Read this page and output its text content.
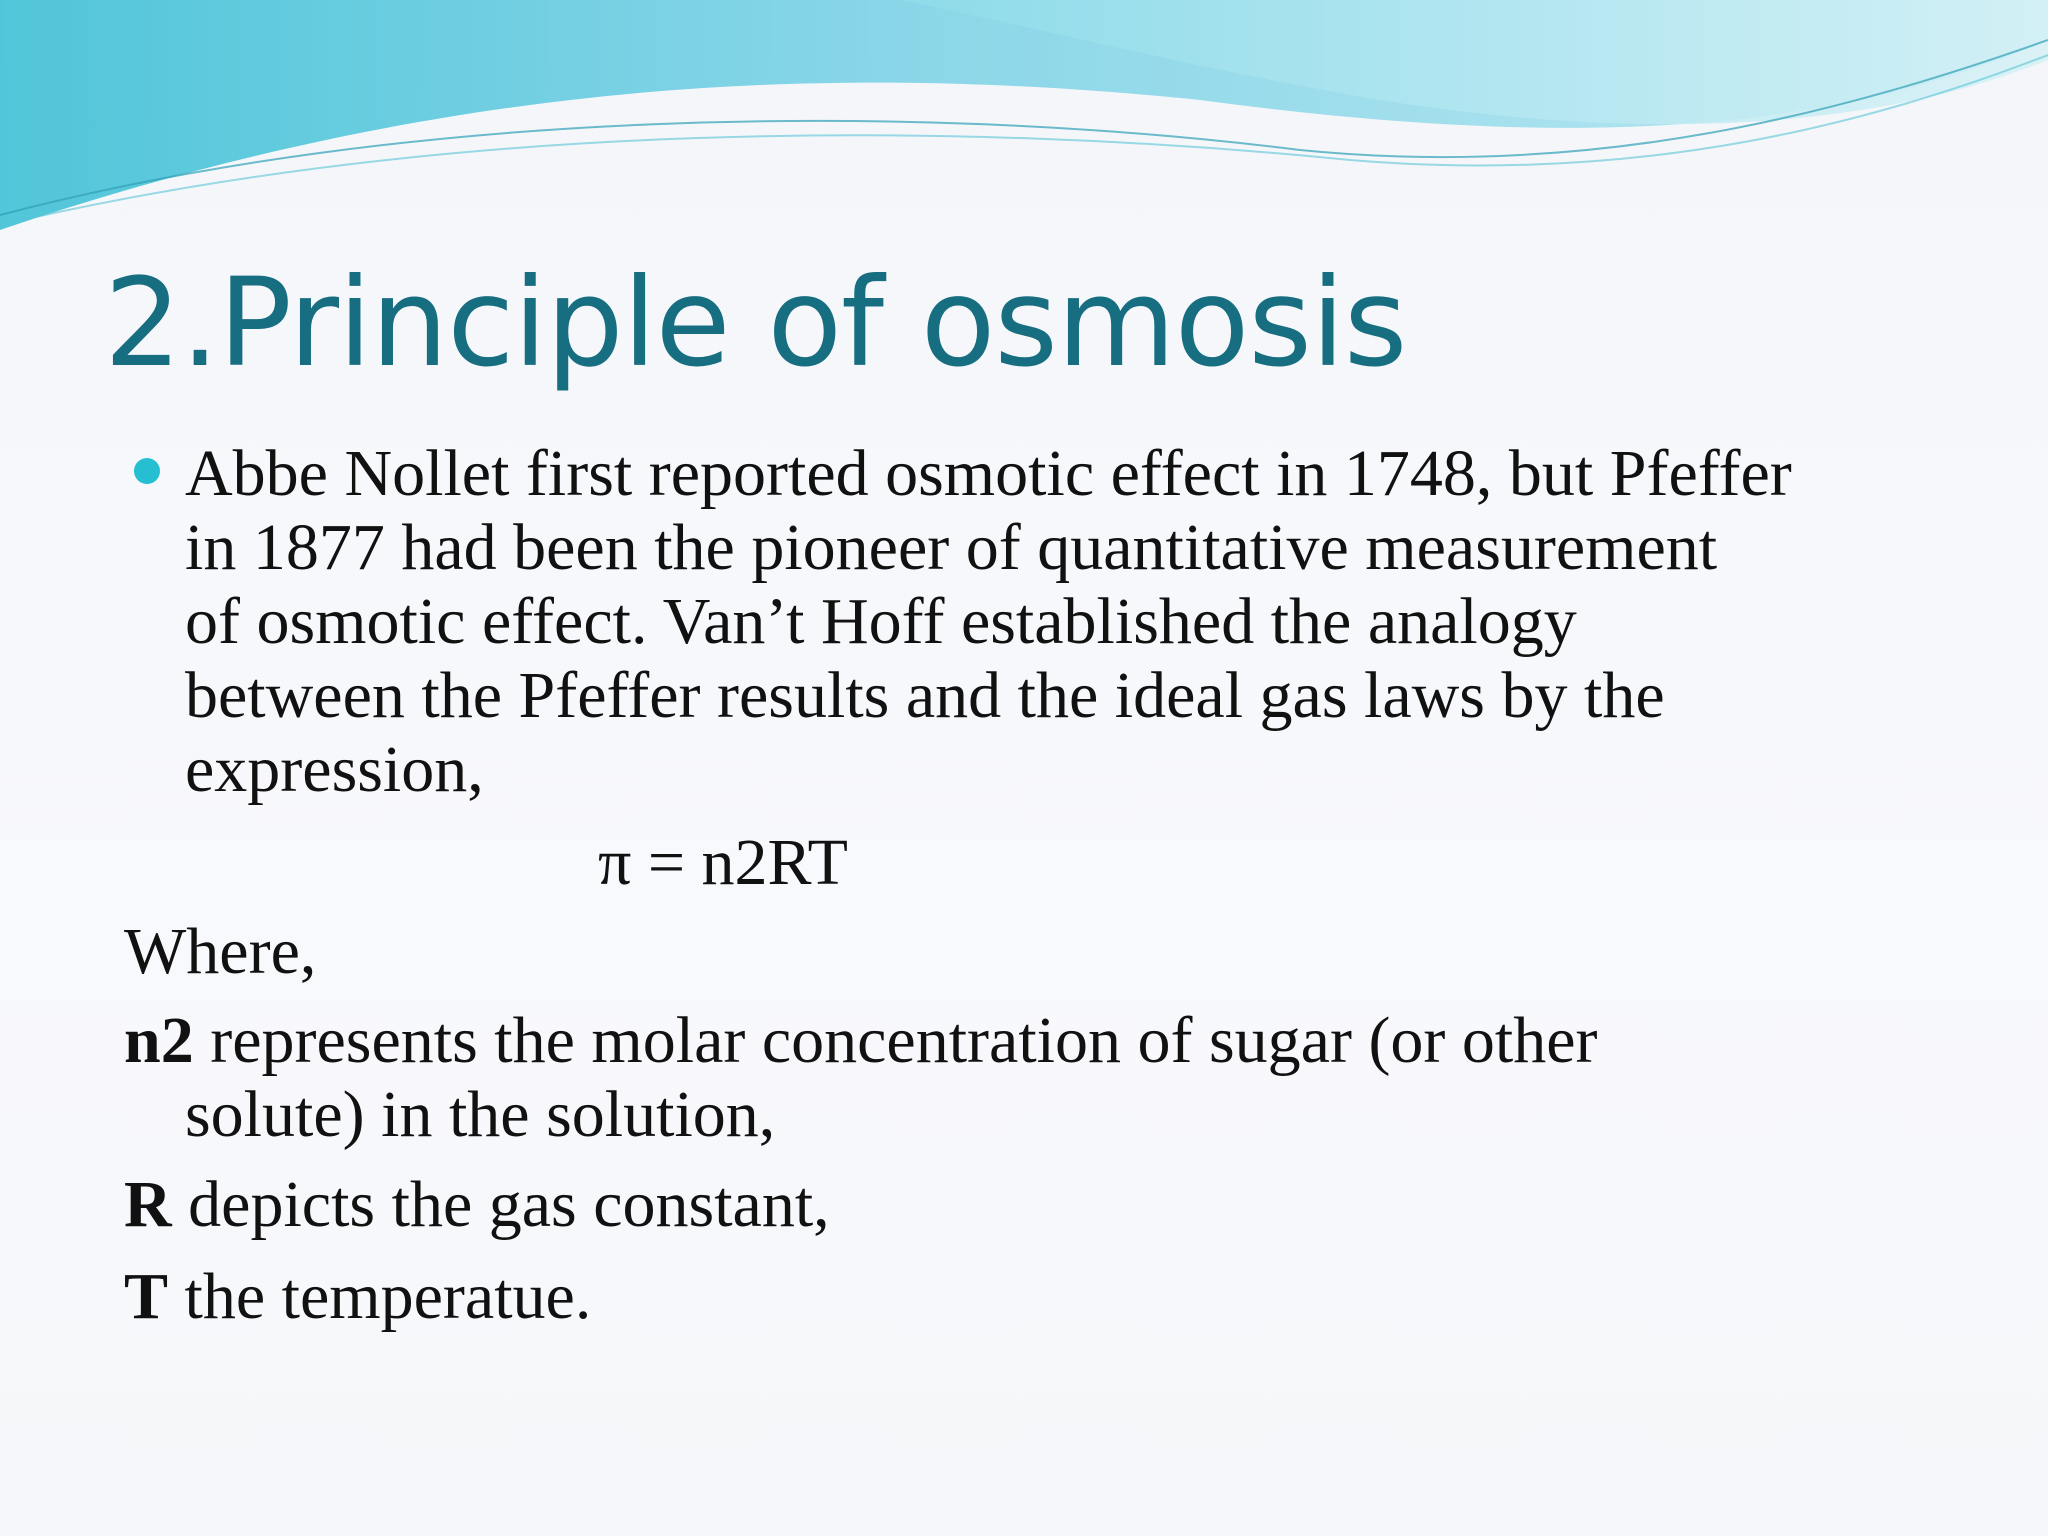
2.Principle of osmosis

Abbe Nollet first reported osmotic effect in 1748, but Pfeffer
in 1877 had been the pioneer of quantitative measurement
of osmotic effect. Van’t Hoff established the analogy
between the Pfeffer results and the ideal gas laws by the
expression,

π = n2RT
Where,
n2 represents the molar concentration of sugar (or other
solute) in the solution,
R depicts the gas constant,
T the temperatue.
